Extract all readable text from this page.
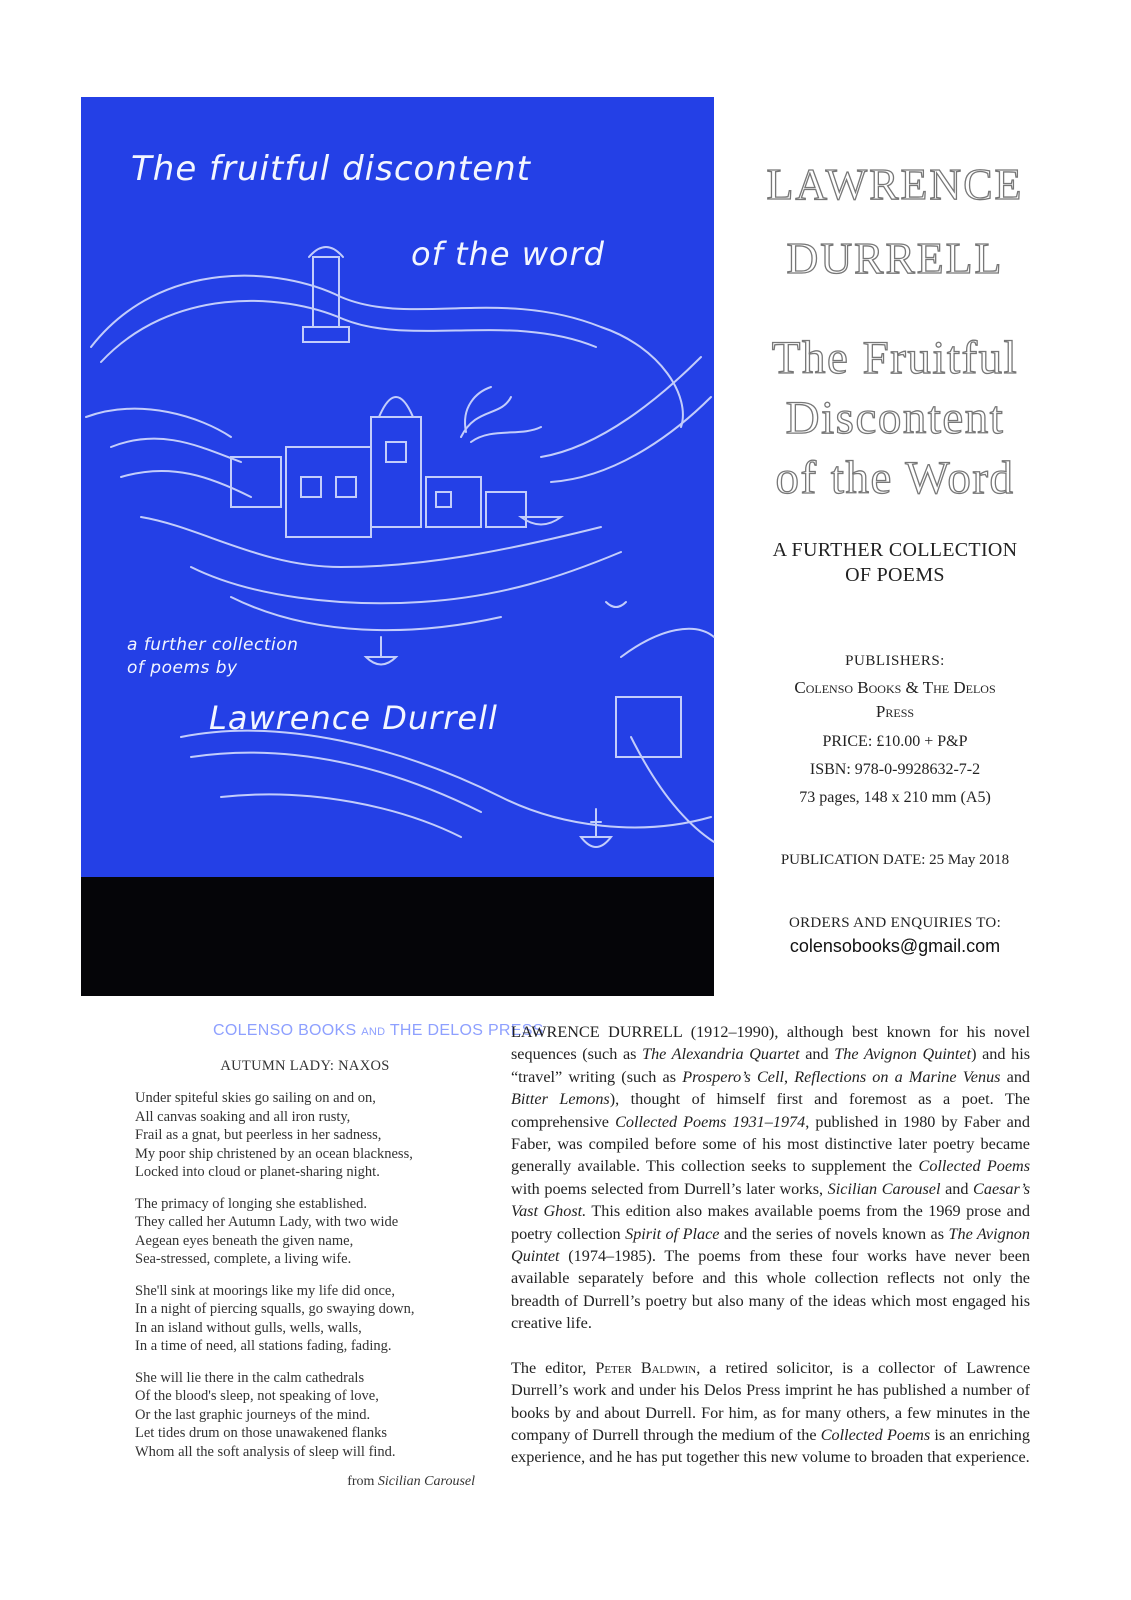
The fruitful discontent
of the word
a further collection
of poems by
Lawrence Durrell
COLENSO BOOKS AND THE DELOS PRESS
LAWRENCE
DURRELL
The Fruitful
Discontent
of the Word
A FURTHER COLLECTION
OF POEMS
PUBLISHERS:
Colenso Books & The Delos
Press
PRICE: £10.00 + P&P
ISBN: 978-0-9928632-7-2
73 pages, 148 x 210 mm (A5)
PUBLICATION DATE: 25 May 2018
ORDERS AND ENQUIRIES TO:
colensobooks@gmail.com
AUTUMN LADY: NAXOS
Under spiteful skies go sailing on and on,
All canvas soaking and all iron rusty,
Frail as a gnat, but peerless in her sadness,
My poor ship christened by an ocean blackness,
Locked into cloud or planet-sharing night.
The primacy of longing she established.
They called her Autumn Lady, with two wide
Aegean eyes beneath the given name,
Sea-stressed, complete, a living wife.
She'll sink at moorings like my life did once,
In a night of piercing squalls, go swaying down,
In an island without gulls, wells, walls,
In a time of need, all stations fading, fading.
She will lie there in the calm cathedrals
Of the blood's sleep, not speaking of love,
Or the last graphic journeys of the mind.
Let tides drum on those unawakened flanks
Whom all the soft analysis of sleep will find.
from Sicilian Carousel

LAWRENCE DURRELL (1912–1990), although best known for his novel sequences (such as The Alexandria Quartet and The Avignon Quintet) and his “travel” writing (such as Prospero’s Cell, Reflections on a Marine Venus and Bitter Lemons), thought of himself first and foremost as a poet. The comprehensive Collected Poems 1931–1974, published in 1980 by Faber and Faber, was compiled before some of his most distinctive later poetry became generally available. This collection seeks to supplement the Collected Poems with poems selected from Durrell’s later works, Sicilian Carousel and Caesar’s Vast Ghost. This edition also makes available poems from the 1969 prose and poetry collection Spirit of Place and the series of novels known as The Avignon Quintet (1974–1985). The poems from these four works have never been available separately before and this whole collection reflects not only the breadth of Durrell’s poetry but also many of the ideas which most engaged his creative life.

The editor, Peter Baldwin, a retired solicitor, is a collector of Lawrence Durrell’s work and under his Delos Press imprint he has published a number of books by and about Durrell. For him, as for many others, a few minutes in the company of Durrell through the medium of the Collected Poems is an enriching experience, and he has put together this new volume to broaden that experience.
